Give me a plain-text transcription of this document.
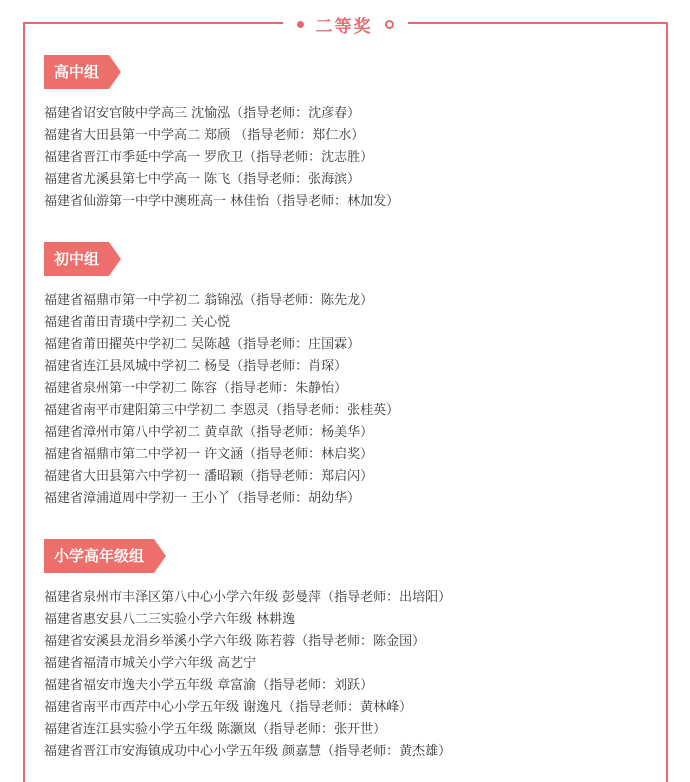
二等奖
高中组
福建省诏安官陂中学高三 沈愉泓（指导老师：沈彦春）
福建省大田县第一中学高二 郑颀 （指导老师：郑仁水）
福建省晋江市季延中学高一 罗欣卫（指导老师：沈志胜）
福建省尤溪县第七中学高一 陈飞（指导老师：张海滨）
福建省仙游第一中学中澳班高一 林佳怡（指导老师：林加发）
初中组
福建省福鼎市第一中学初二 翁锦泓（指导老师：陈先龙）
福建省莆田青璜中学初二 关心悦
福建省莆田擢英中学初二 吴陈越（指导老师：庄国霖）
福建省连江县凤城中学初二 杨旻（指导老师：肖琛）
福建省泉州第一中学初二 陈容（指导老师：朱静怡）
福建省南平市建阳第三中学初二 李恩灵（指导老师：张桂英）
福建省漳州市第八中学初二 黄卓歆（指导老师：杨美华）
福建省福鼎市第二中学初一 许文涵（指导老师：林启奖）
福建省大田县第六中学初一 潘昭颖（指导老师：郑启闪）
福建省漳浦道周中学初一 王小丫（指导老师：胡幼华）
小学高年级组
福建省泉州市丰泽区第八中心小学六年级 彭曼萍（指导老师：出培阳）
福建省惠安县八二三实验小学六年级 林耕逸
福建省安溪县龙涓乡举溪小学六年级 陈若蓉（指导老师：陈金国）
福建省福清市城关小学六年级 高艺宁
福建省福安市逸夫小学五年级 章富渝（指导老师：刘跃）
福建省南平市西芹中心小学五年级 谢逸凡（指导老师：黄林峰）
福建省连江县实验小学五年级 陈灏岚（指导老师：张开世）
福建省晋江市安海镇成功中心小学五年级 颜嘉慧（指导老师：黄杰雄）
